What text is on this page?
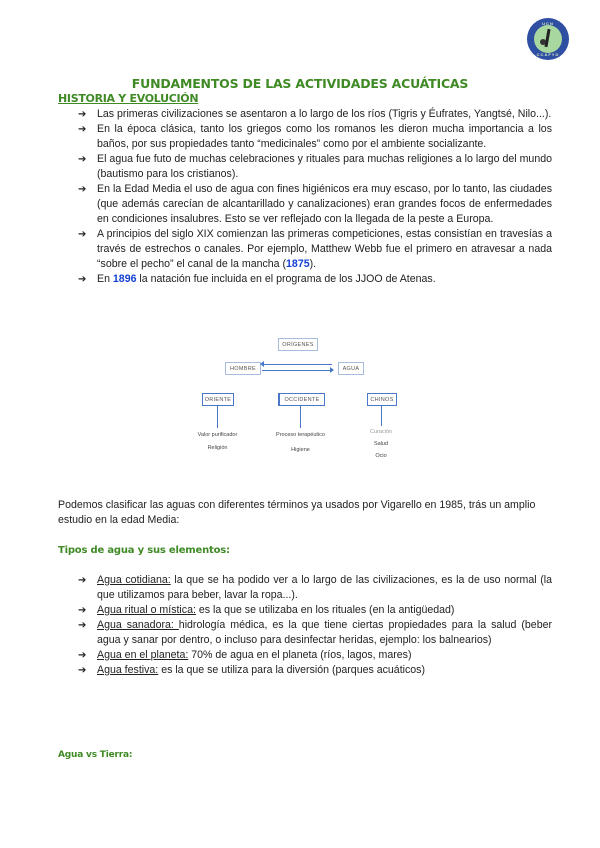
UCN
CCAFYD
FUNDAMENTOS DE LAS ACTIVIDADES ACUÁTICAS
HISTORIA Y EVOLUCIÓN
➔ Las primeras civilizaciones se asentaron a lo largo de los ríos (Tigris y Éufrates, Yangtsé, Nilo...).
➔ En la época clásica, tanto los griegos como los romanos les dieron mucha importancia a los baños, por sus propiedades tanto “medicinales” como por el ambiente socializante.
➔ El agua fue futo de muchas celebraciones y rituales para muchas religiones a lo largo del mundo (bautismo para los cristianos).
➔ En la Edad Media el uso de agua con fines higiénicos era muy escaso, por lo tanto, las ciudades (que además carecían de alcantarillado y canalizaciones) eran grandes focos de enfermedades en condiciones insalubres. Esto se ver reflejado con la llegada de la peste a Europa.
➔ A principios del siglo XIX comienzan las primeras competiciones, estas consistían en travesías a través de estrechos o canales. Por ejemplo, Matthew Webb fue el primero en atravesar a nada “sobre el pecho” el canal de la mancha (1875).
➔ En 1896 la natación fue incluida en el programa de los JJOO de Atenas.
ORÍGENES
HOMBRE	AGUA
ORIENTE
Valor purificador
Religión
OCCIDENTE
Proceso terapéutico
Higiene
CHINOS
Curación
Salud
Ocio
Podemos clasificar las aguas con diferentes términos ya usados por Vigarello en 1985, trás un amplio estudio en la edad Media:
Tipos de agua y sus elementos:
➔ Agua cotidiana: la que se ha podido ver a lo largo de las civilizaciones, es la de uso normal (la que utilizamos para beber, lavar la ropa...).
➔ Agua ritual o mística: es la que se utilizaba en los rituales (en la antigüedad)
➔ Agua sanadora: hidrología médica, es la que tiene ciertas propiedades para la salud (beber agua y sanar por dentro, o incluso para desinfectar heridas, ejemplo: los balnearios)
➔ Agua en el planeta: 70% de agua en el planeta (ríos, lagos, mares)
➔ Agua festiva: es la que se utiliza para la diversión (parques acuáticos)
Agua vs Tierra:
